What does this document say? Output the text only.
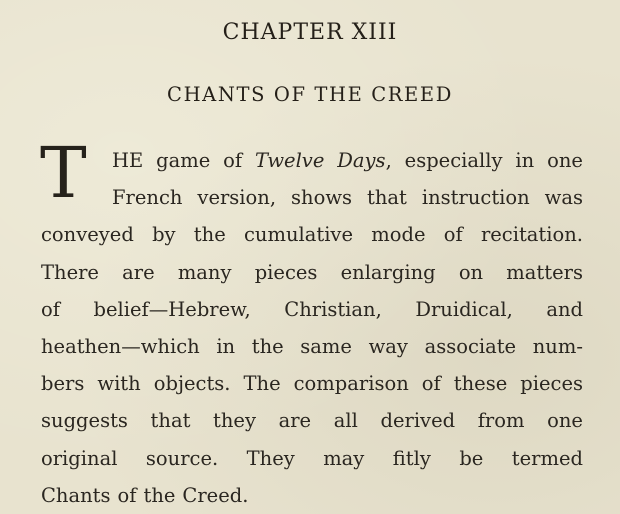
CHAPTER XIII
CHANTS OF THE CREED
T HE game of Twelve Days, especially in one
French version, shows that instruction was
conveyed by the cumulative mode of recitation.
There are many pieces enlarging on matters
of belief—Hebrew, Christian, Druidical, and
heathen—which in the same way associate num-
bers with objects. The comparison of these pieces
suggests that they are all derived from one
original source. They may fitly be termed
Chants of the Creed.
